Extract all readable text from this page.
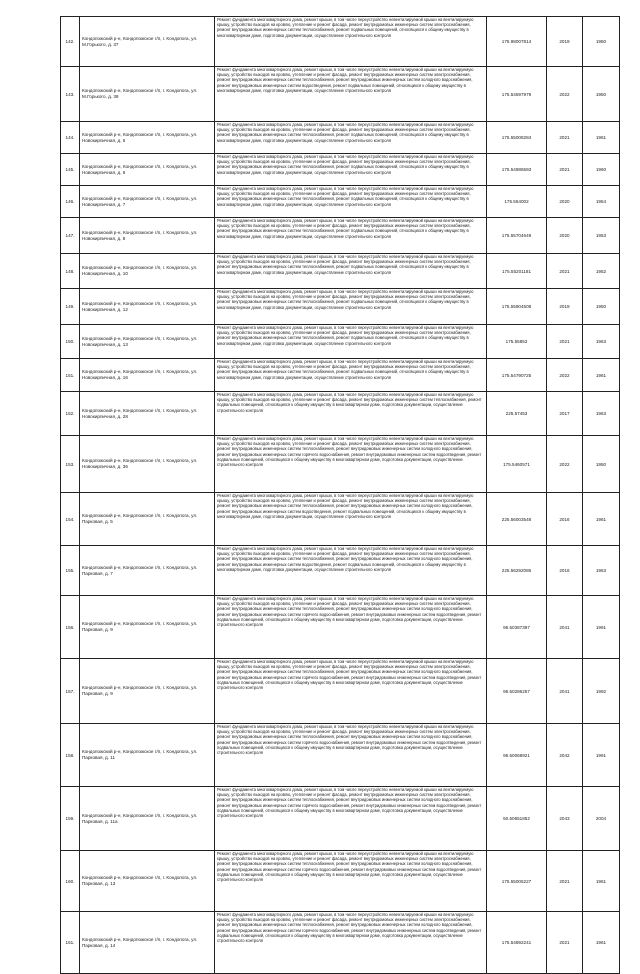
142.	Кондопожский р-н, Кондопожское г/п, г. Кондопога, ул. М.Горького, д. 37	Ремонт фундамента многоквартирного дома, ремонт крыши, в том числе переустройство невентилируемой крыши на вентилируемую крышу, устройство выходов на кровлю, утепление и ремонт фасада, ремонт внутридомовых инженерных систем электроснабжения, ремонт внутридомовых инженерных систем теплоснабжения, ремонт подвальных помещений, относящихся к общему имуществу в многоквартирном доме, подготовка документации, осуществление строительного контроля	175.98007814	2019	1950

143.	Кондопожский р-н, Кондопожское г/п, г. Кондопога, ул. М.Горького, д. 39	Ремонт фундамента многоквартирного дома, ремонт крыши, в том числе переустройство невентилируемой крыши на вентилируемую крышу, устройство выходов на кровлю, утепление и ремонт фасада, ремонт внутридомовых инженерных систем электроснабжения, ремонт внутридомовых инженерных систем теплоснабжения, ремонт внутридомовых инженерных систем холодного водоснабжения, ремонт внутридомовых инженерных систем водоотведения, ремонт подвальных помещений, относящихся к общему имуществу в многоквартирном доме, подготовка документации, осуществление строительного контроля	175.54597979	2022	1950

144.	Кондопожский р-н, Кондопожское г/п, г. Кондопога, ул. Новокирпичная, д. 5	Ремонт фундамента многоквартирного дома, ремонт крыши, в том числе переустройство невентилируемой крыши на вентилируемую крышу, устройство выходов на кровлю, утепление и ремонт фасада, ремонт внутридомовых инженерных систем электроснабжения, ремонт внутридомовых инженерных систем теплоснабжения, ремонт подвальных помещений, относящихся к общему имуществу в многоквартирном доме, подготовка документации, осуществление строительного контроля	175.55008284	2021	1961

145.	Кондопожский р-н, Кондопожское г/п, г. Кондопога, ул. Новокирпичная, д. 6	Ремонт фундамента многоквартирного дома, ремонт крыши, в том числе переустройство невентилируемой крыши на вентилируемую крышу, устройство выходов на кровлю, утепление и ремонт фасада, ремонт внутридомовых инженерных систем электроснабжения, ремонт внутридомовых инженерных систем теплоснабжения, ремонт подвальных помещений, относящихся к общему имуществу в многоквартирном доме, подготовка документации, осуществление строительного контроля	175.54986593	2021	1960

146.	Кондопожский р-н, Кондопожское г/п, г. Кондопога, ул. Новокирпичная, д. 7	Ремонт фундамента многоквартирного дома, ремонт крыши, в том числе переустройство невентилируемой крыши на вентилируемую крышу, устройство выходов на кровлю, утепление и ремонт фасада, ремонт внутридомовых инженерных систем электроснабжения, ремонт внутридомовых инженерных систем теплоснабжения, ремонт подвальных помещений, относящихся к общему имуществу в многоквартирном доме, подготовка документации, осуществление строительного контроля	175.554002	2020	1954

147.	Кондопожский р-н, Кондопожское г/п, г. Кондопога, ул. Новокирпичная, д. 8	Ремонт фундамента многоквартирного дома, ремонт крыши, в том числе переустройство невентилируемой крыши на вентилируемую крышу, устройство выходов на кровлю, утепление и ремонт фасада, ремонт внутридомовых инженерных систем электроснабжения, ремонт внутридомовых инженерных систем теплоснабжения, ремонт подвальных помещений, относящихся к общему имуществу в многоквартирном доме, подготовка документации, осуществление строительного контроля	175.55704649	2020	1953

148.	Кондопожский р-н, Кондопожское г/п, г. Кондопога, ул. Новокирпичная, д. 10	Ремонт фундамента многоквартирного дома, ремонт крыши, в том числе переустройство невентилируемой крыши на вентилируемую крышу, устройство выходов на кровлю, утепление и ремонт фасада, ремонт внутридомовых инженерных систем электроснабжения, ремонт внутридомовых инженерных систем теплоснабжения, ремонт подвальных помещений, относящихся к общему имуществу в многоквартирном доме, подготовка документации, осуществление строительного контроля	175.55201181	2021	1952

149.	Кондопожский р-н, Кондопожское г/п, г. Кондопога, ул. Новокирпичная, д. 12	Ремонт фундамента многоквартирного дома, ремонт крыши, в том числе переустройство невентилируемой крыши на вентилируемую крышу, устройство выходов на кровлю, утепление и ремонт фасада, ремонт внутридомовых инженерных систем электроснабжения, ремонт внутридомовых инженерных систем теплоснабжения, ремонт подвальных помещений, относящихся к общему имуществу в многоквартирном доме, подготовка документации, осуществление строительного контроля	175.55904508	2019	1950

150.	Кондопожский р-н, Кондопожское г/п, г. Кондопога, ул. Новокирпичная, д. 13	Ремонт фундамента многоквартирного дома, ремонт крыши, в том числе переустройство невентилируемой крыши на вентилируемую крышу, устройство выходов на кровлю, утепление и ремонт фасада, ремонт внутридомовых инженерных систем электроснабжения, ремонт внутридомовых инженерных систем теплоснабжения, ремонт подвальных помещений, относящихся к общему имуществу в многоквартирном доме, подготовка документации, осуществление строительного контроля	175.55853	2021	1963

151.	Кондопожский р-н, Кондопожское г/п, г. Кондопога, ул. Новокирпичная, д. 16	Ремонт фундамента многоквартирного дома, ремонт крыши, в том числе переустройство невентилируемой крыши на вентилируемую крышу, устройство выходов на кровлю, утепление и ремонт фасада, ремонт внутридомовых инженерных систем электроснабжения, ремонт внутридомовых инженерных систем теплоснабжения, ремонт подвальных помещений, относящихся к общему имуществу в многоквартирном доме, подготовка документации, осуществление строительного контроля	175.54790725	2022	1961

152.	Кондопожский р-н, Кондопожское г/п, г. Кондопога, ул. Новокирпичная, д. 28	Ремонт фундамента многоквартирного дома, ремонт крыши, в том числе переустройство невентилируемой крыши на вентилируемую крышу, устройство выходов на кровлю, утепление и ремонт фасада, ремонт внутридомовых инженерных систем теплоснабжения, ремонт подвальных помещений, относящихся к общему имуществу в многоквартирном доме, подготовка документации, осуществление строительного контроля	225.57453	2017	1963

153.	Кондопожский р-н, Кондопожское г/п, г. Кондопога, ул. Новокирпичная, д. 36	Ремонт фундамента многоквартирного дома, ремонт крыши, в том числе переустройство невентилируемой крыши на вентилируемую крышу, устройство выходов на кровлю, утепление и ремонт фасада, ремонт внутридомовых инженерных систем электроснабжения, ремонт внутридомовых инженерных систем теплоснабжения, ремонт внутридомовых инженерных систем холодного водоснабжения, ремонт внутридомовых инженерных систем горячего водоснабжения, ремонт внутридомовых инженерных систем водоотведения, ремонт подвальных помещений, относящихся к общему имуществу в многоквартирном доме, подготовка документации, осуществление строительного контроля	175.5460571	2022	1950

154.	Кондопожский р-н, Кондопожское г/п, г. Кондопога, ул. Парковая, д. 5	Ремонт фундамента многоквартирного дома, ремонт крыши, в том числе переустройство невентилируемой крыши на вентилируемую крышу, устройство выходов на кровлю, утепление и ремонт фасада, ремонт внутридомовых инженерных систем электроснабжения, ремонт внутридомовых инженерных систем теплоснабжения, ремонт внутридомовых инженерных систем холодного водоснабжения, ремонт внутридомовых инженерных систем водоотведения, ремонт подвальных помещений, относящихся к общему имуществу в многоквартирном доме, подготовка документации, осуществление строительного контроля	225.56003548	2016	1961

155.	Кондопожский р-н, Кондопожское г/п, г. Кондопога, ул. Парковая, д. 7	Ремонт фундамента многоквартирного дома, ремонт крыши, в том числе переустройство невентилируемой крыши на вентилируемую крышу, устройство выходов на кровлю, утепление и ремонт фасада, ремонт внутридомовых инженерных систем электроснабжения, ремонт внутридомовых инженерных систем теплоснабжения, ремонт внутридомовых инженерных систем холодного водоснабжения, ремонт внутридомовых инженерных систем водоотведения, ремонт подвальных помещений, относящихся к общему имуществу в многоквартирном доме, подготовка документации, осуществление строительного контроля	225.56292086	2016	1963

156.	Кондопожский р-н, Кондопожское г/п, г. Кондопога, ул. Парковая, д. 9	Ремонт фундамента многоквартирного дома, ремонт крыши, в том числе переустройство невентилируемой крыши на вентилируемую крышу, устройство выходов на кровлю, утепление и ремонт фасада, ремонт внутридомовых инженерных систем электроснабжения, ремонт внутридомовых инженерных систем теплоснабжения, ремонт внутридомовых инженерных систем холодного водоснабжения, ремонт внутридомовых инженерных систем горячего водоснабжения, ремонт внутридомовых инженерных систем водоотведения, ремонт подвальных помещений, относящихся к общему имуществу в многоквартирном доме, подготовка документации, осуществление строительного контроля	95.50387397	2041	1991

157.	Кондопожский р-н, Кондопожское г/п, г. Кондопога, ул. Парковая, д. 9	Ремонт фундамента многоквартирного дома, ремонт крыши, в том числе переустройство невентилируемой крыши на вентилируемую крышу, устройство выходов на кровлю, утепление и ремонт фасада, ремонт внутридомовых инженерных систем электроснабжения, ремонт внутридомовых инженерных систем теплоснабжения, ремонт внутридомовых инженерных систем холодного водоснабжения, ремонт внутридомовых инженерных систем горячего водоснабжения, ремонт внутридомовых инженерных систем водоотведения, ремонт подвальных помещений, относящихся к общему имуществу в многоквартирном доме, подготовка документации, осуществление строительного контроля	95.50286257	2041	1992

158.	Кондопожский р-н, Кондопожское г/п, г. Кондопога, ул. Парковая, д. 11	Ремонт фундамента многоквартирного дома, ремонт крыши, в том числе переустройство невентилируемой крыши на вентилируемую крышу, устройство выходов на кровлю, утепление и ремонт фасада, ремонт внутридомовых инженерных систем электроснабжения, ремонт внутридомовых инженерных систем теплоснабжения, ремонт внутридомовых инженерных систем холодного водоснабжения, ремонт внутридомовых инженерных систем горячего водоснабжения, ремонт внутридомовых инженерных систем водоотведения, ремонт подвальных помещений, относящихся к общему имуществу в многоквартирном доме, подготовка документации, осуществление строительного контроля	95.50068921	2042	1991

159.	Кондопожский р-н, Кондопожское г/п, г. Кондопога, ул. Парковая, д. 11а	Ремонт фундамента многоквартирного дома, ремонт крыши, в том числе переустройство невентилируемой крыши на вентилируемую крышу, устройство выходов на кровлю, утепление и ремонт фасада, ремонт внутридомовых инженерных систем электроснабжения, ремонт внутридомовых инженерных систем теплоснабжения, ремонт внутридомовых инженерных систем холодного водоснабжения, ремонт внутридомовых инженерных систем горячего водоснабжения, ремонт внутридомовых инженерных систем водоотведения, ремонт подвальных помещений, относящихся к общему имуществу в многоквартирном доме, подготовка документации, осуществление строительного контроля	50.50651852	2043	2004

160.	Кондопожский р-н, Кондопожское г/п, г. Кондопога, ул. Парковая, д. 13	Ремонт фундамента многоквартирного дома, ремонт крыши, в том числе переустройство невентилируемой крыши на вентилируемую крышу, устройство выходов на кровлю, утепление и ремонт фасада, ремонт внутридомовых инженерных систем электроснабжения, ремонт внутридомовых инженерных систем теплоснабжения, ремонт внутридомовых инженерных систем холодного водоснабжения, ремонт внутридомовых инженерных систем горячего водоснабжения, ремонт внутридомовых инженерных систем водоотведения, ремонт подвальных помещений, относящихся к общему имуществу в многоквартирном доме, подготовка документации, осуществление строительного контроля	175.55005227	2021	1961

161.	Кондопожский р-н, Кондопожское г/п, г. Кондопога, ул. Парковая, д. 14	Ремонт фундамента многоквартирного дома, ремонт крыши, в том числе переустройство невентилируемой крыши на вентилируемую крышу, устройство выходов на кровлю, утепление и ремонт фасада, ремонт внутридомовых инженерных систем электроснабжения, ремонт внутридомовых инженерных систем теплоснабжения, ремонт внутридомовых инженерных систем холодного водоснабжения, ремонт внутридомовых инженерных систем горячего водоснабжения, ремонт внутридомовых инженерных систем водоотведения, ремонт подвальных помещений, относящихся к общему имуществу в многоквартирном доме, подготовка документации, осуществление строительного контроля	175.54892241	2021	1961
